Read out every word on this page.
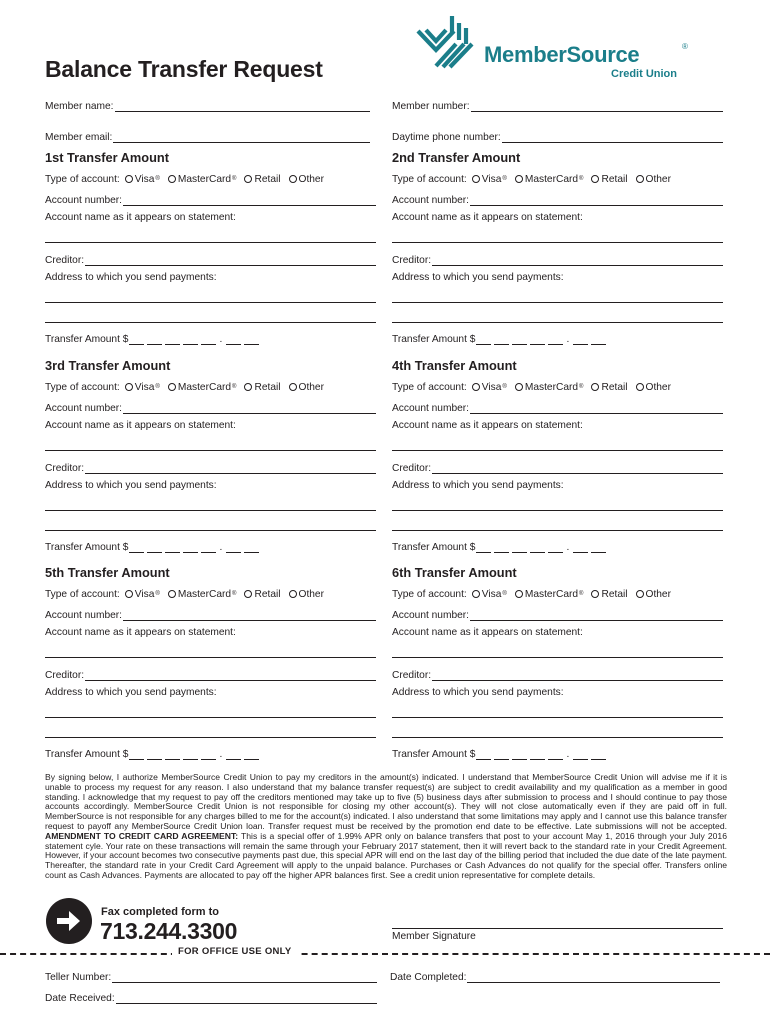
Balance Transfer Request
MemberSource	®
Credit Union
Member name:	Member number:
Member email:	Daytime phone number:
1st Transfer Amount
Type of account: Visa ® MasterCard ® Retail Other
Account number:
Account name as it appears on statement:
Creditor:
Address to which you send payments:
Transfer Amount $	.
2nd Transfer Amount
Type of account: Visa ® MasterCard ® Retail Other
Account number:
Account name as it appears on statement:
Creditor:
Address to which you send payments:
Transfer Amount $	.
3rd Transfer Amount
Type of account: Visa ® MasterCard ® Retail Other
Account number:
Account name as it appears on statement:
Creditor:
Address to which you send payments:
Transfer Amount $	.
4th Transfer Amount
Type of account: Visa ® MasterCard ® Retail Other
Account number:
Account name as it appears on statement:
Creditor:
Address to which you send payments:
Transfer Amount $	.
5th Transfer Amount
Type of account: Visa ® MasterCard ® Retail Other
Account number:
Account name as it appears on statement:
Creditor:
Address to which you send payments:
Transfer Amount $	.
6th Transfer Amount
Type of account: Visa ® MasterCard ® Retail Other
Account number:
Account name as it appears on statement:
Creditor:
Address to which you send payments:
Transfer Amount $	.
By signing below, I authorize MemberSource Credit Union to pay my creditors in the amount(s) indicated. I understand that MemberSource Credit Union will advise me if it is unable to process my request for any reason. I also understand that my balance transfer request(s) are subject to credit availability and my qualification as a member in good standing. I acknowledge that my request to pay off the creditors mentioned may take up to five (5) business days after submission to process and I should continue to pay those accounts accordingly. MemberSource Credit Union is not responsible for closing my other account(s). They will not close automatically even if they are paid off in full. MemberSource is not responsible for any charges billed to me for the account(s) indicated. I also understand that some limitations may apply and I cannot use this balance transfer request to payoff any MemberSource Credit Union loan. Transfer request must be received by the promotion end date to be effective. Late submissions will not be accepted. AMENDMENT TO CREDIT CARD AGREEMENT: This is a special offer of 1.99% APR only on balance transfers that post to your account May 1, 2016 through your July 2016 statement cyle. Your rate on these transactions will remain the same through your February 2017 statement, then it will revert back to the standard rate in your Credit Agreement. However, if your account becomes two consecutive payments past due, this special APR will end on the last day of the billing period that included the due date of the late payment. Thereafter, the standard rate in your Credit Card Agreement will apply to the unpaid balance. Purchases or Cash Advances do not qualify for the special offer. Transfers online count as Cash Advances. Payments are allocated to pay off the higher APR balances first. See a credit union representative for complete details.
Fax completed form to
713.244.3300	Member Signature
FOR OFFICE USE ONLY
Teller Number:	Date Completed:
Date Received:
